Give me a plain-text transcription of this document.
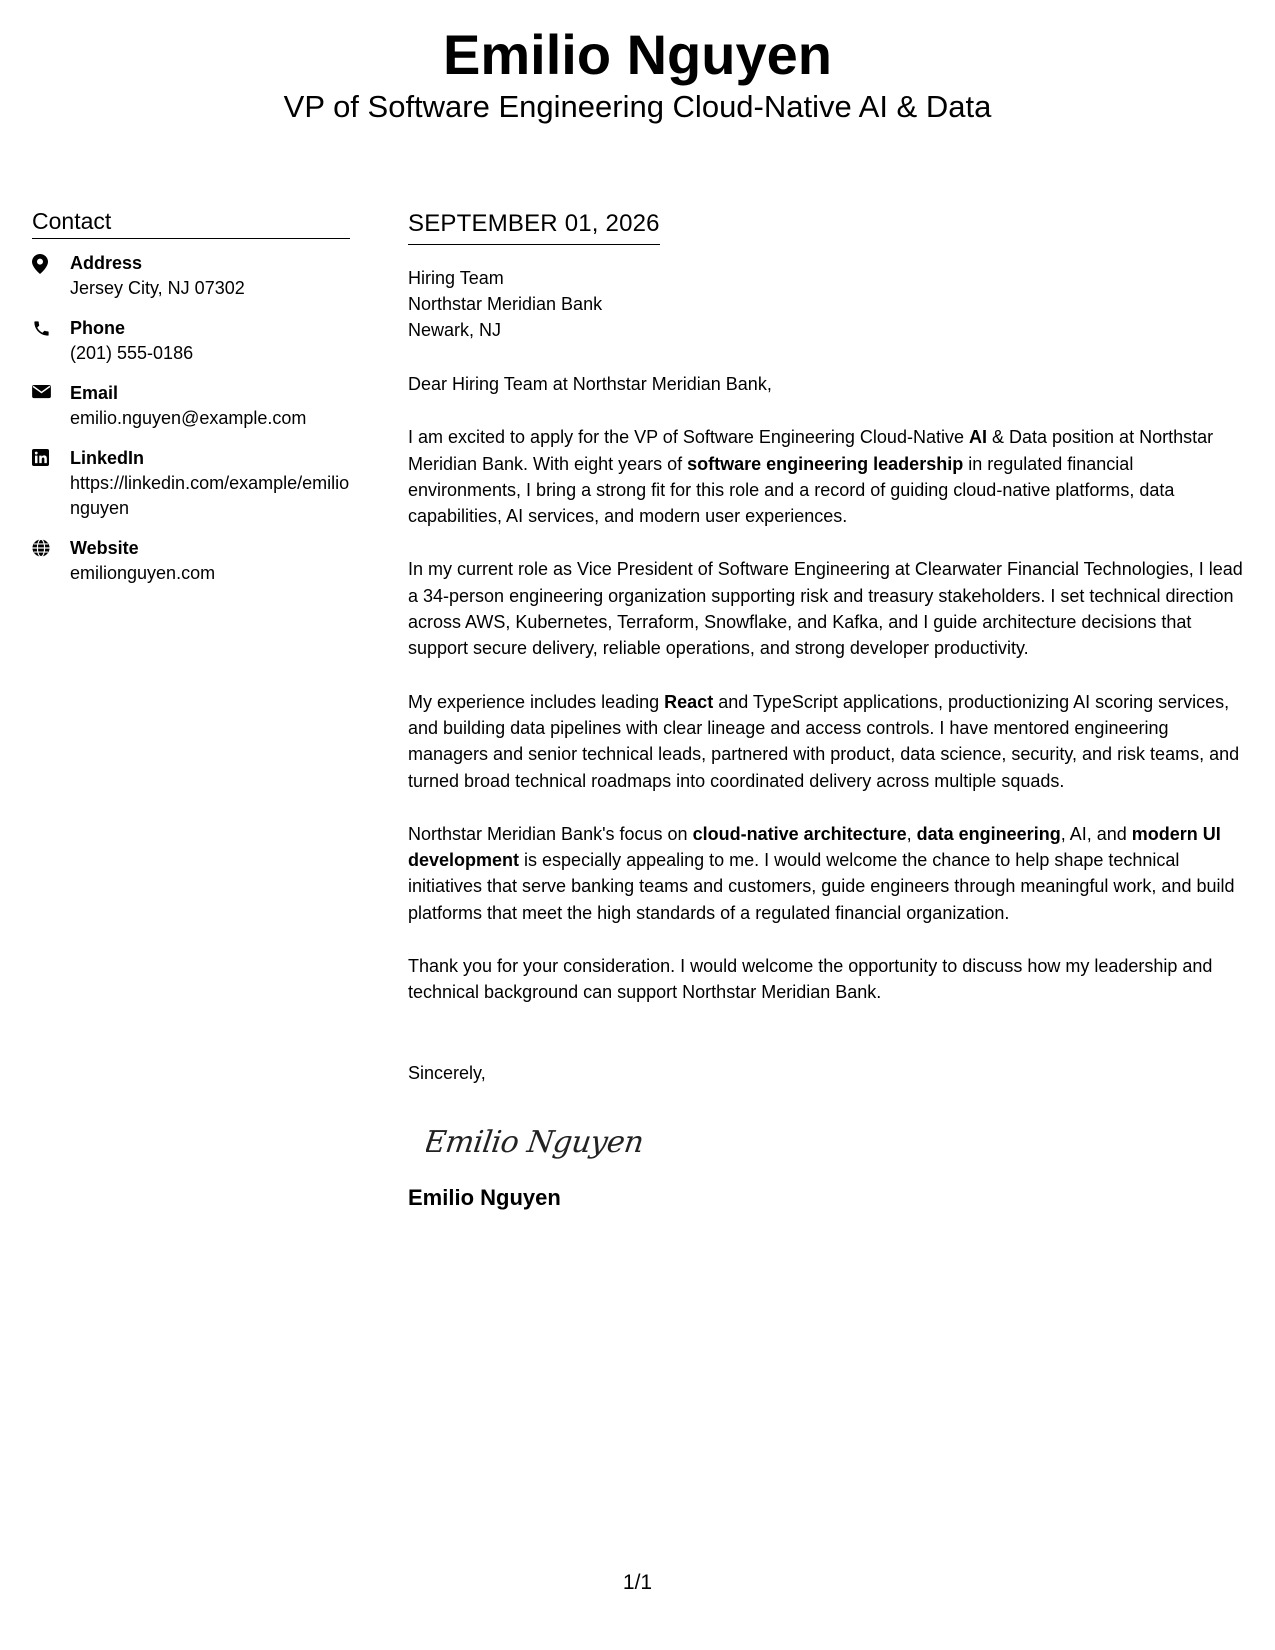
Emilio Nguyen
VP of Software Engineering Cloud-Native AI & Data
Contact
Address
Jersey City, NJ 07302
Phone
(201) 555-0186
Email
emilio.nguyen@example.com
LinkedIn
https://linkedin.com/example/emilionguyen
Website
emilionguyen.com
SEPTEMBER 01, 2026
Hiring Team
Northstar Meridian Bank
Newark, NJ

Dear Hiring Team at Northstar Meridian Bank,

I am excited to apply for the VP of Software Engineering Cloud-Native AI & Data position at Northstar Meridian Bank. With eight years of software engineering leadership in regulated financial environments, I bring a strong fit for this role and a record of guiding cloud-native platforms, data capabilities, AI services, and modern user experiences.

In my current role as Vice President of Software Engineering at Clearwater Financial Technologies, I lead a 34-person engineering organization supporting risk and treasury stakeholders. I set technical direction across AWS, Kubernetes, Terraform, Snowflake, and Kafka, and I guide architecture decisions that support secure delivery, reliable operations, and strong developer productivity.

My experience includes leading React and TypeScript applications, productionizing AI scoring services, and building data pipelines with clear lineage and access controls. I have mentored engineering managers and senior technical leads, partnered with product, data science, security, and risk teams, and turned broad technical roadmaps into coordinated delivery across multiple squads.

Northstar Meridian Bank's focus on cloud-native architecture, data engineering, AI, and modern UI development is especially appealing to me. I would welcome the chance to help shape technical initiatives that serve banking teams and customers, guide engineers through meaningful work, and build platforms that meet the high standards of a regulated financial organization.

Thank you for your consideration. I would welcome the opportunity to discuss how my leadership and technical background can support Northstar Meridian Bank.

Sincerely,
Emilio Nguyen
Emilio Nguyen
1/1
